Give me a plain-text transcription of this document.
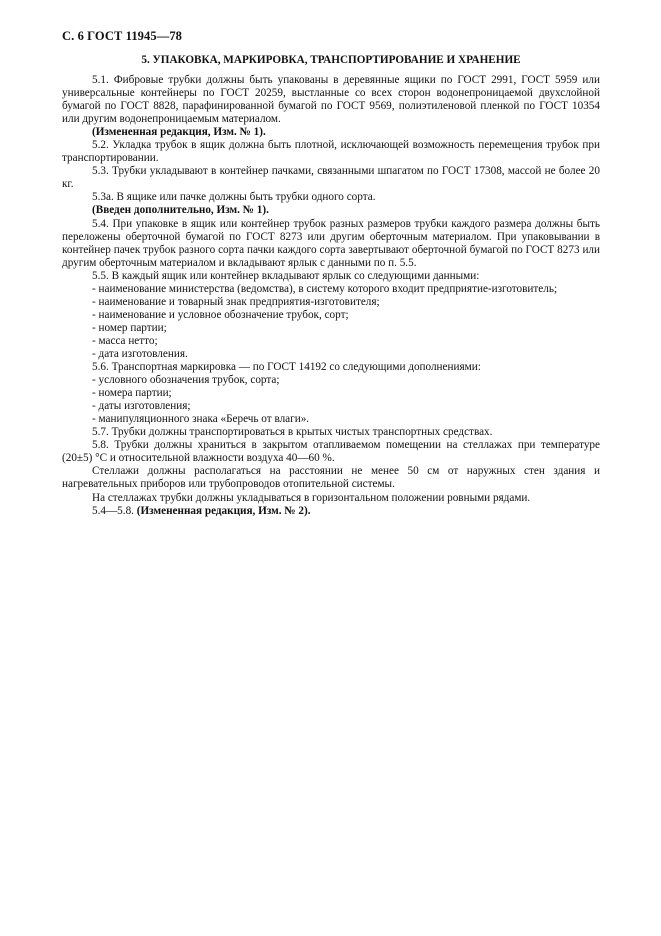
С. 6 ГОСТ 11945—78
5. УПАКОВКА, МАРКИРОВКА, ТРАНСПОРТИРОВАНИЕ И ХРАНЕНИЕ

5.1. Фибровые трубки должны быть упакованы в деревянные ящики по ГОСТ 2991, ГОСТ 5959 или универсальные контейнеры по ГОСТ 20259, выстланные со всех сторон водонепроницаемой двухслойной бумагой по ГОСТ 8828, парафинированной бумагой по ГОСТ 9569, полиэтиленовой пленкой по ГОСТ 10354 или другим водонепроницаемым материалом.

(Измененная редакция, Изм. № 1).

5.2. Укладка трубок в ящик должна быть плотной, исключающей возможность перемещения трубок при транспортировании.

5.3. Трубки укладывают в контейнер пачками, связанными шпагатом по ГОСТ 17308, массой не более 20 кг.

5.3а. В ящике или пачке должны быть трубки одного сорта.

(Введен дополнительно, Изм. № 1).

5.4. При упаковке в ящик или контейнер трубок разных размеров трубки каждого размера должны быть переложены оберточной бумагой по ГОСТ 8273 или другим оберточным материалом. При упаковывании в контейнер пачек трубок разного сорта пачки каждого сорта завертывают оберточной бумагой по ГОСТ 8273 или другим оберточным материалом и вкладывают ярлык с данными по п. 5.5.

5.5. В каждый ящик или контейнер вкладывают ярлык со следующими данными:

- наименование министерства (ведомства), в систему которого входит предприятие-изготовитель;

- наименование и товарный знак предприятия-изготовителя;

- наименование и условное обозначение трубок, сорт;

- номер партии;

- масса нетто;

- дата изготовления.

5.6. Транспортная маркировка — по ГОСТ 14192 со следующими дополнениями:

- условного обозначения трубок, сорта;

- номера партии;

- даты изготовления;

- манипуляционного знака «Беречь от влаги».

5.7. Трубки должны транспортироваться в крытых чистых транспортных средствах.

5.8. Трубки должны храниться в закрытом отапливаемом помещении на стеллажах при температуре (20±5) °С и относительной влажности воздуха 40—60 %.

Стеллажи должны располагаться на расстоянии не менее 50 см от наружных стен здания и нагревательных приборов или трубопроводов отопительной системы.

На стеллажах трубки должны укладываться в горизонтальном положении ровными рядами.

5.4—5.8. (Измененная редакция, Изм. № 2).
